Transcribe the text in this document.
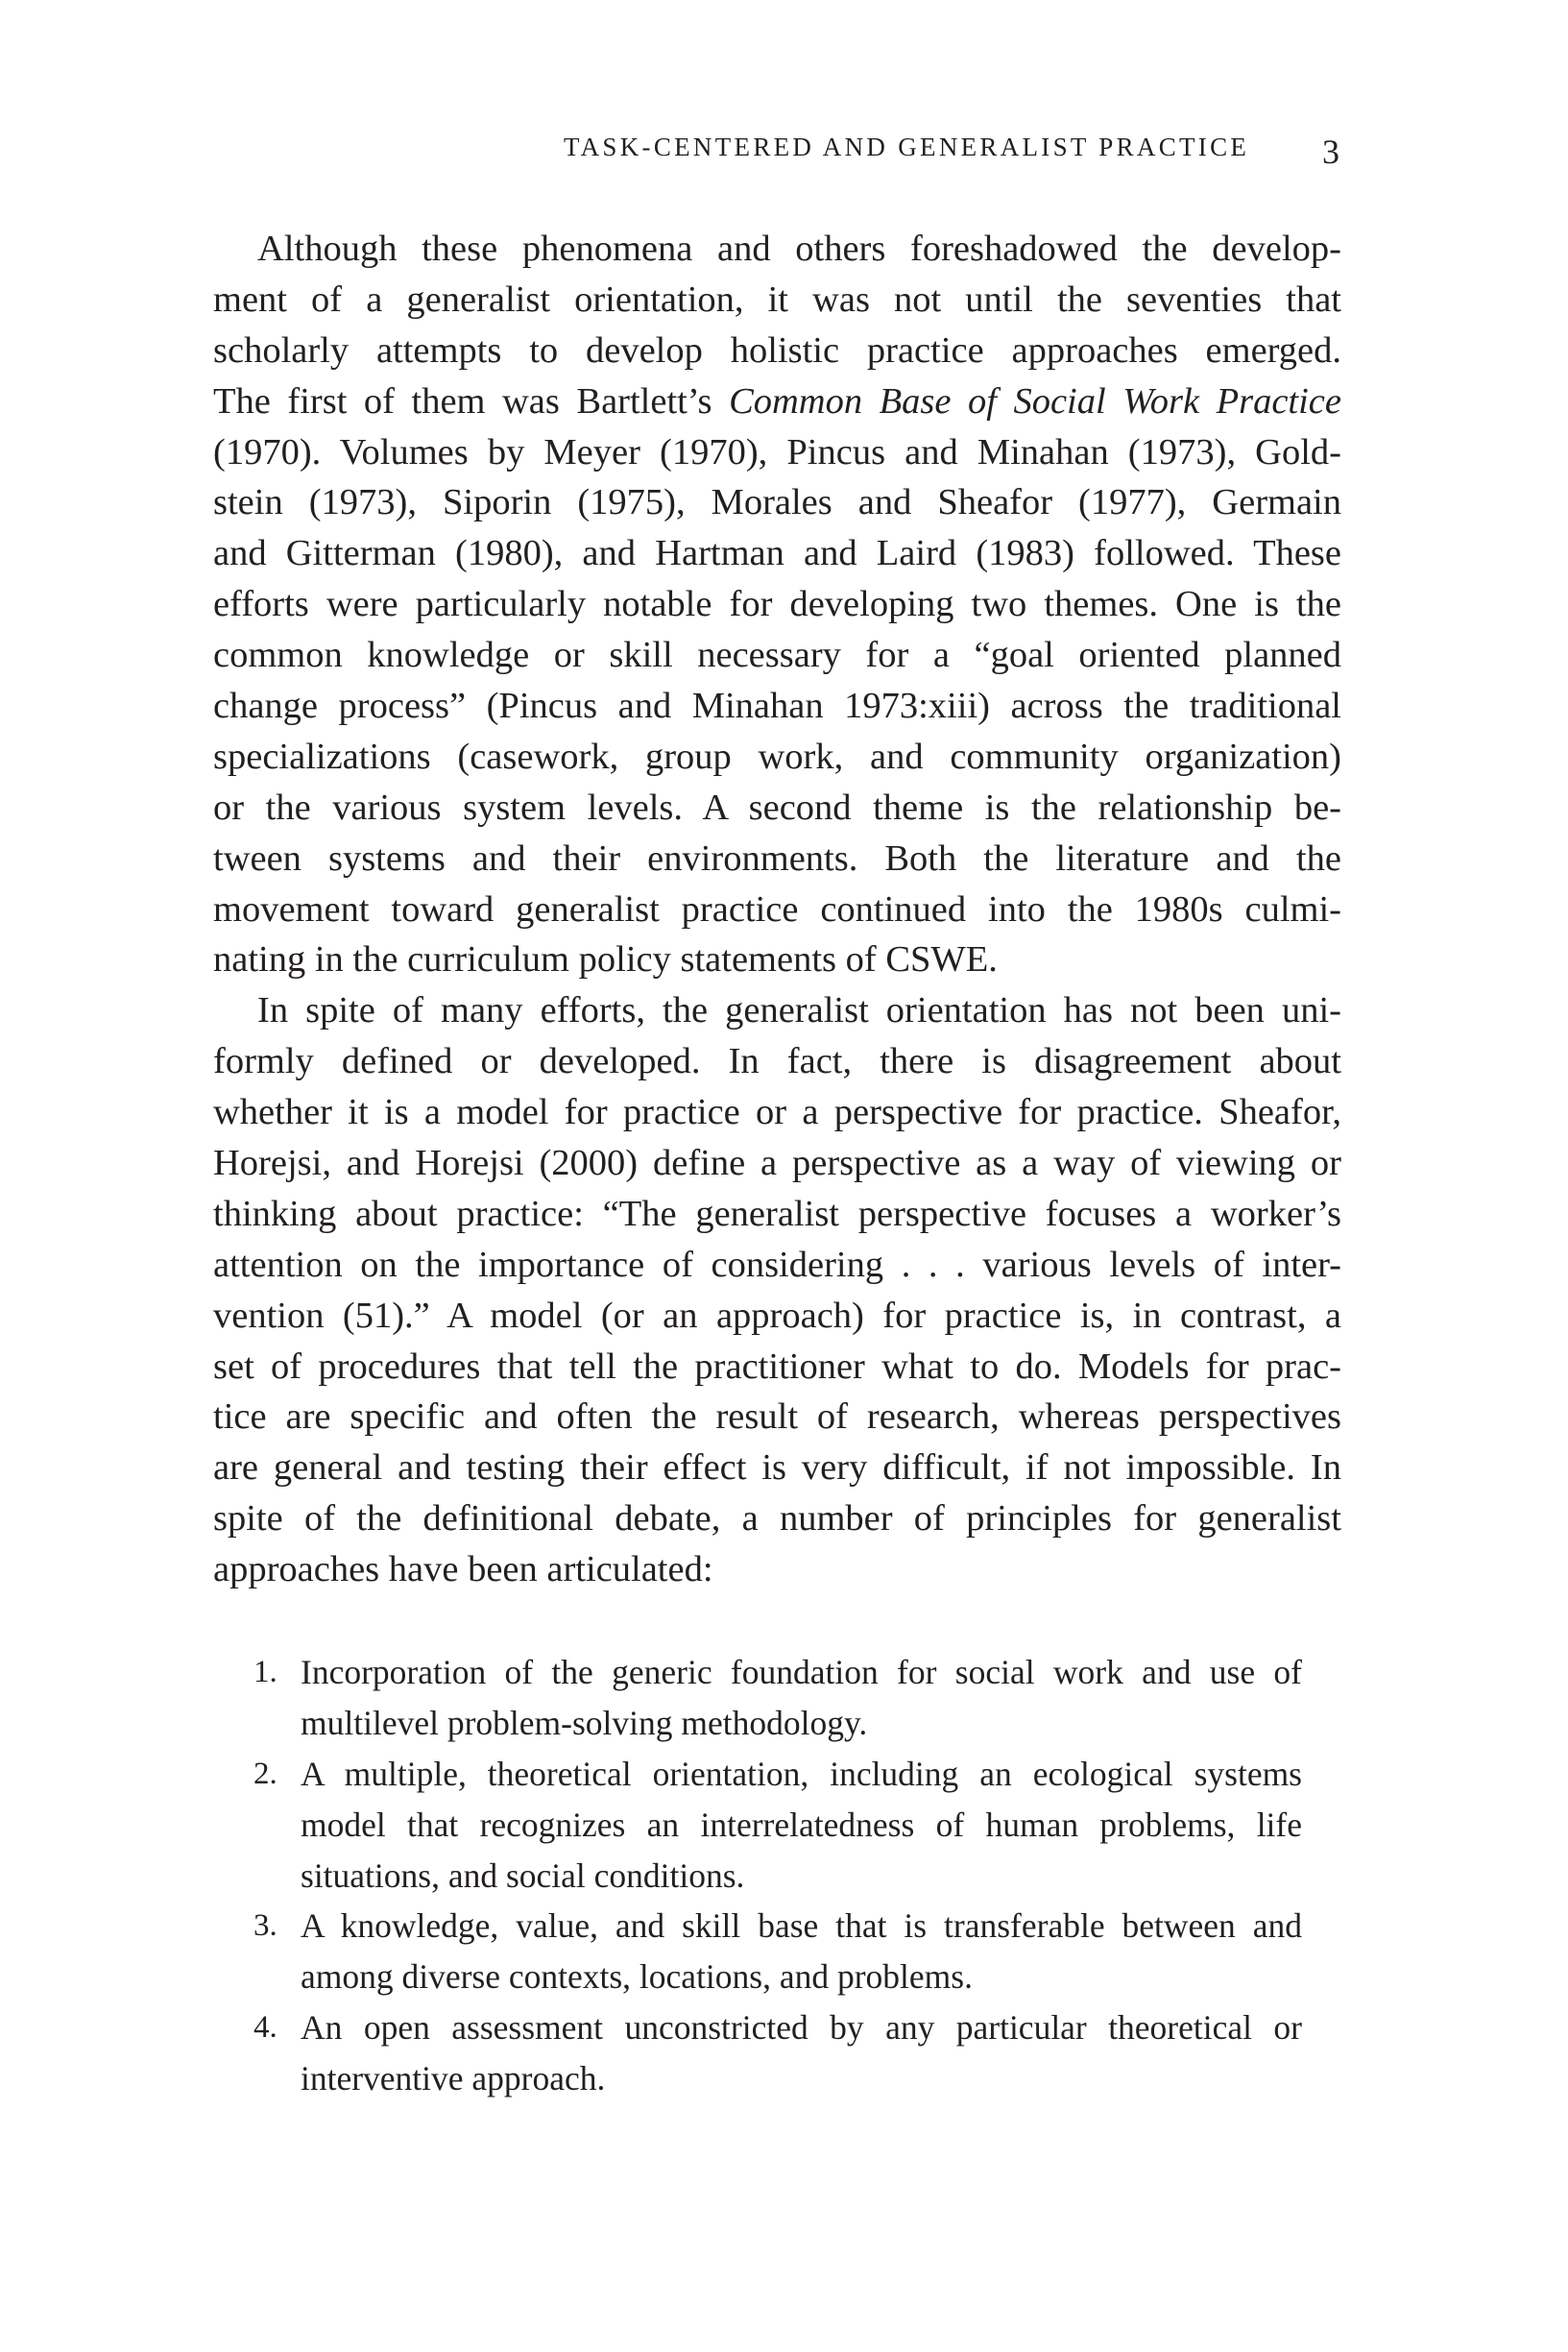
TASK-CENTERED AND GENERALIST PRACTICE 3
Although these phenomena and others foreshadowed the develop-
ment of a generalist orientation, it was not until the seventies that
scholarly attempts to develop holistic practice approaches emerged.
The first of them was Bartlett’s Common Base of Social Work Practice
(1970). Volumes by Meyer (1970), Pincus and Minahan (1973), Gold-
stein (1973), Siporin (1975), Morales and Sheafor (1977), Germain
and Gitterman (1980), and Hartman and Laird (1983) followed. These
efforts were particularly notable for developing two themes. One is the
common knowledge or skill necessary for a “goal oriented planned
change process” (Pincus and Minahan 1973:xiii) across the traditional
specializations (casework, group work, and community organization)
or the various system levels. A second theme is the relationship be-
tween systems and their environments. Both the literature and the
movement toward generalist practice continued into the 1980s culmi-
nating in the curriculum policy statements of CSWE.
In spite of many efforts, the generalist orientation has not been uni-
formly defined or developed. In fact, there is disagreement about
whether it is a model for practice or a perspective for practice. Sheafor,
Horejsi, and Horejsi (2000) define a perspective as a way of viewing or
thinking about practice: “The generalist perspective focuses a worker’s
attention on the importance of considering . . . various levels of inter-
vention (51).” A model (or an approach) for practice is, in contrast, a
set of procedures that tell the practitioner what to do. Models for prac-
tice are specific and often the result of research, whereas perspectives
are general and testing their effect is very difficult, if not impossible. In
spite of the definitional debate, a number of principles for generalist
approaches have been articulated:
1. Incorporation of the generic foundation for social work and use of
multilevel problem-solving methodology.
2. A multiple, theoretical orientation, including an ecological systems
model that recognizes an interrelatedness of human problems, life
situations, and social conditions.
3. A knowledge, value, and skill base that is transferable between and
among diverse contexts, locations, and problems.
4. An open assessment unconstricted by any particular theoretical or
interventive approach.
